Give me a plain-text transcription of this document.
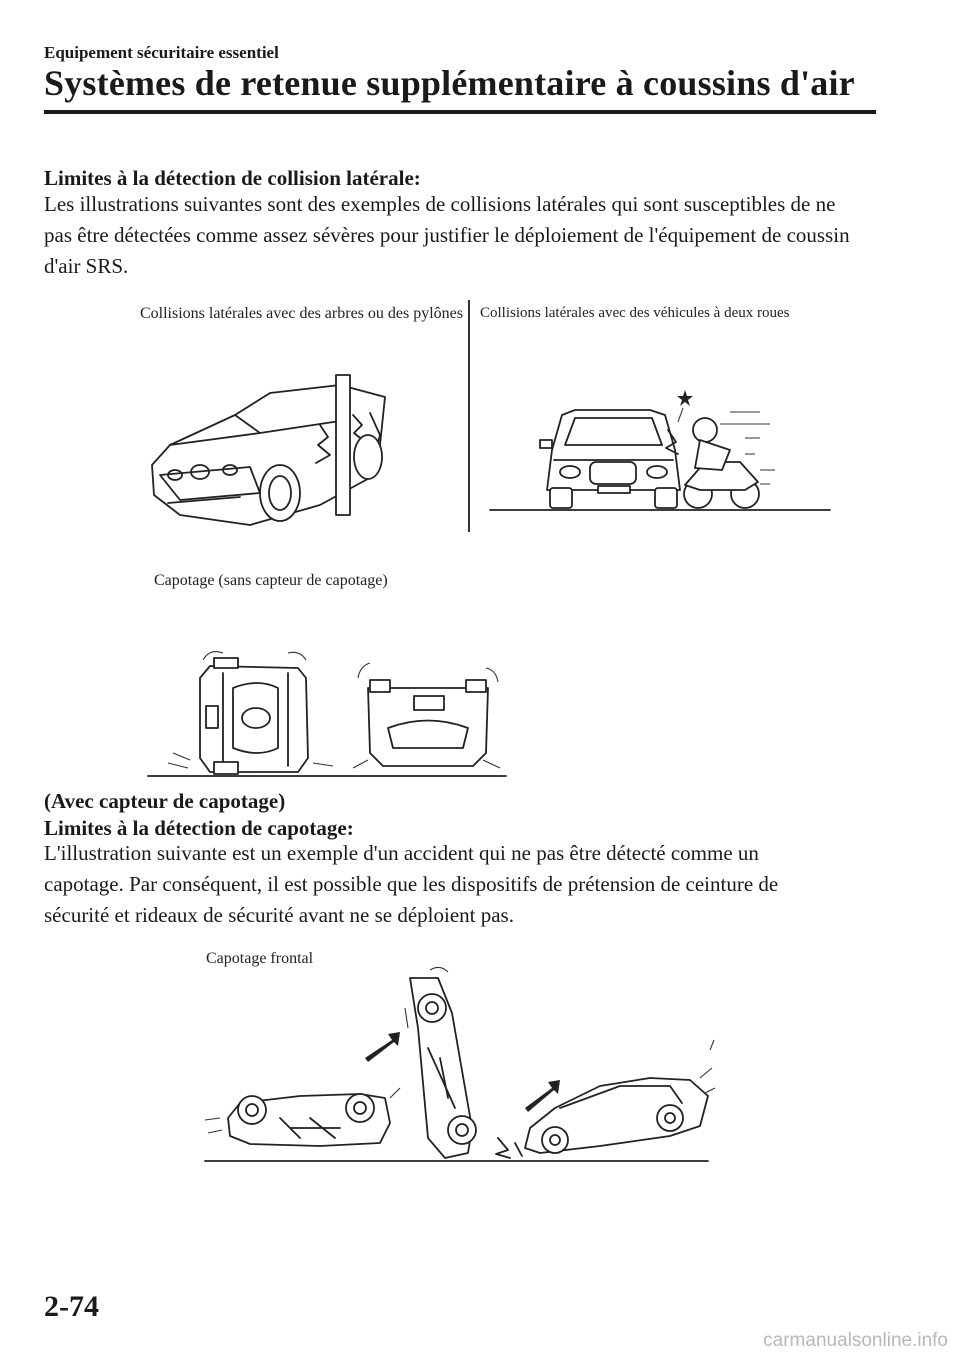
Equipement sécuritaire essentiel
Systèmes de retenue supplémentaire à coussins d'air
Limites à la détection de collision latérale:
Les illustrations suivantes sont des exemples de collisions latérales qui sont susceptibles de ne pas être détectées comme assez sévères pour justifier le déploiement de l'équipement de coussin d'air SRS.
Collisions latérales avec des arbres ou des pylônes Collisions latérales avec des véhicules à deux roues
Capotage (sans capteur de capotage)
(Avec capteur de capotage)
Limites à la détection de capotage:
L'illustration suivante est un exemple d'un accident qui ne pas être détecté comme un capotage. Par conséquent, il est possible que les dispositifs de prétension de ceinture de sécurité et rideaux de sécurité avant ne se déploient pas.
Capotage frontal
2-74
carmanualsonline.info
